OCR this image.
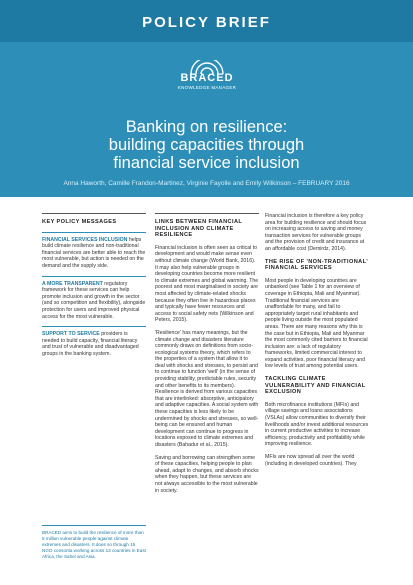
POLICY BRIEF
BRACED
KNOWLEDGE MANAGER
Banking on resilience:
building capacities through
financial service inclusion
Anna Haworth, Camille Frandon-Martinez, Virginie Fayolle and Emily Wilkinson – FEBRUARY 2016

KEY POLICY MESSAGES

FINANCIAL SERVICES INCLUSION helps build climate resilience and non-traditional financial services are better able to reach the most vulnerable, but action is needed on the demand and the supply side.

A MORE TRANSPARENT regulatory framework for these services can help promote inclusion and growth in the sector (and so competition and flexibility), alongside protection for users and improved physical access for the most vulnerable.

SUPPORT TO SERVICE providers is needed to build capacity, financial literacy and trust of vulnerable and disadvantaged groups in the banking system.

BRACED aims to build the resilience of more than 5 million vulnerable people against climate extremes and disasters. It does so through 15 NGO consortia working across 13 countries in East Africa, the Sahel and Asia.

LINKS BETWEEN FINANCIAL INCLUSION AND CLIMATE RESILIENCE

Financial inclusion is often seen as critical to development and would make sense even without climate change (World Bank, 2016). It may also help vulnerable groups in developing countries become more resilient to climate extremes and global warming. The poorest and most marginalised in society are most affected by climate-related shocks because they often live in hazardous places and typically have fewer resources and access to social safety nets (Wilkinson and Peters, 2015).

'Resilience' has many meanings, but the climate change and disasters literature commonly draws on definitions from socio-ecological systems theory, which refers to the properties of a system that allow it to deal with shocks and stresses, to persist and to continue to function 'well' (in the sense of providing stability, predictable rules, security and other benefits to its members). Resilience is derived from various capacities that are interlinked: absorptive, anticipatory and adaptive capacities. A social system with these capacities is less likely to be undermined by shocks and stresses, so well-being can be ensured and human development can continue to progress in locations exposed to climate extremes and disasters (Bahadur et al., 2015).

Saving and borrowing can strengthen some of these capacities, helping people to plan ahead, adapt to changes, and absorb shocks when they happen, but these services are not always accessible to the most vulnerable in society.

Financial inclusion is therefore a key policy area for building resilience and should focus on increasing access to saving and money transaction services for vulnerable groups and the provision of credit and insurance at an affordable cost (Demirdz, 2014).

THE RISE OF 'NON-TRADITIONAL' FINANCIAL SERVICES

Most people in developing countries are unbanked (see Table 1 for an overview of coverage in Ethiopia, Mali and Myanmar). Traditional financial services are unaffordable for many, and fail to appropriately target rural inhabitants and people living outside the most populated areas. There are many reasons why this is the case but in Ethiopia, Mali and Myanmar the most commonly cited barriers to financial inclusion are: a lack of regulatory frameworks, limited commercial interest to expand activities, poor financial literacy and low levels of trust among potential users.

TACKLING CLIMATE VULNERABILITY AND FINANCIAL EXCLUSION

Both microfinance institutions (MFIs) and village savings and loans associations (VSLAs) allow communities to diversify their livelihoods and/or invest additional resources in current productive activities to increase efficiency, productivity and profitability while improving resilience.

MFIs are now spread all over the world (including in developed countries). They
